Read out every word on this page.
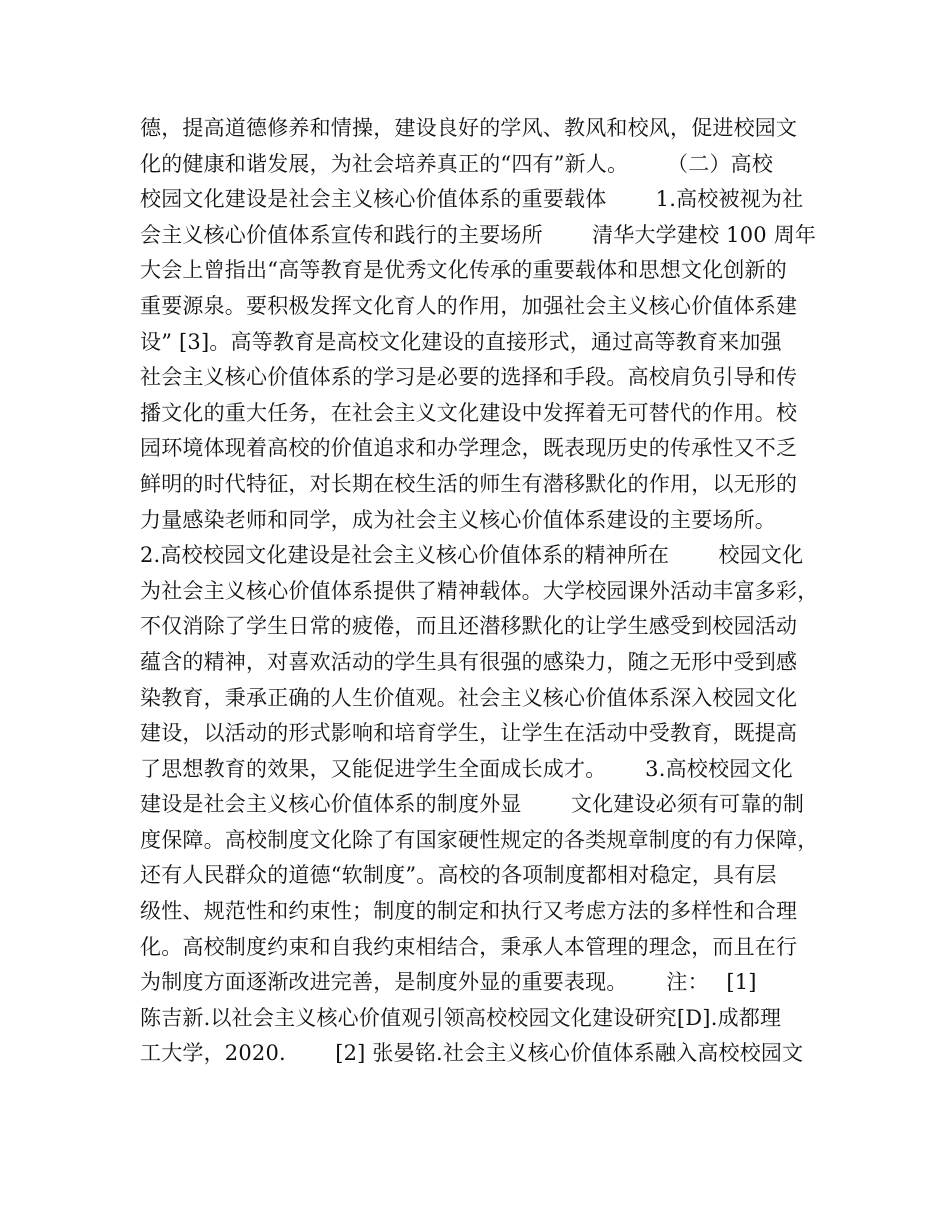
德，提高道德修养和情操，建设良好的学风、教风和校风，促进校园文
化的健康和谐发展，为社会培养真正的“四有”新人。　　 （二）高校
校园文化建设是社会主义核心价值体系的重要载体　　 1.高校被视为社
会主义核心价值体系宣传和践行的主要场所　　 清华大学建校 100 周年
大会上曾指出“高等教育是优秀文化传承的重要载体和思想文化创新的
重要源泉。要积极发挥文化育人的作用，加强社会主义核心价值体系建
设” [3]。高等教育是高校文化建设的直接形式，通过高等教育来加强
社会主义核心价值体系的学习是必要的选择和手段。高校肩负引导和传
播文化的重大任务，在社会主义文化建设中发挥着无可替代的作用。校
园环境体现着高校的价值追求和办学理念，既表现历史的传承性又不乏
鲜明的时代特征，对长期在校生活的师生有潜移默化的作用，以无形的
力量感染老师和同学，成为社会主义核心价值体系建设的主要场所。
2.高校校园文化建设是社会主义核心价值体系的精神所在　　 校园文化
为社会主义核心价值体系提供了精神载体。大学校园课外活动丰富多彩，
不仅消除了学生日常的疲倦，而且还潜移默化的让学生感受到校园活动
蕴含的精神，对喜欢活动的学生具有很强的感染力，随之无形中受到感
染教育，秉承正确的人生价值观。社会主义核心价值体系深入校园文化
建设，以活动的形式影响和培育学生，让学生在活动中受教育，既提高
了思想教育的效果，又能促进学生全面成长成才。　　 3.高校校园文化
建设是社会主义核心价值体系的制度外显　　 文化建设必须有可靠的制
度保障。高校制度文化除了有国家硬性规定的各类规章制度的有力保障，
还有人民群众的道德“软制度”。高校的各项制度都相对稳定，具有层
级性、规范性和约束性；制度的制定和执行又考虑方法的多样性和合理
化。高校制度约束和自我约束相结合，秉承人本管理的理念，而且在行
为制度方面逐渐改进完善，是制度外显的重要表现。　　 注：　 [1]
陈吉新.以社会主义核心价值观引领高校校园文化建设研究[D].成都理
工大学，2020.　　 [2] 张晏铭.社会主义核心价值体系融入高校校园文
